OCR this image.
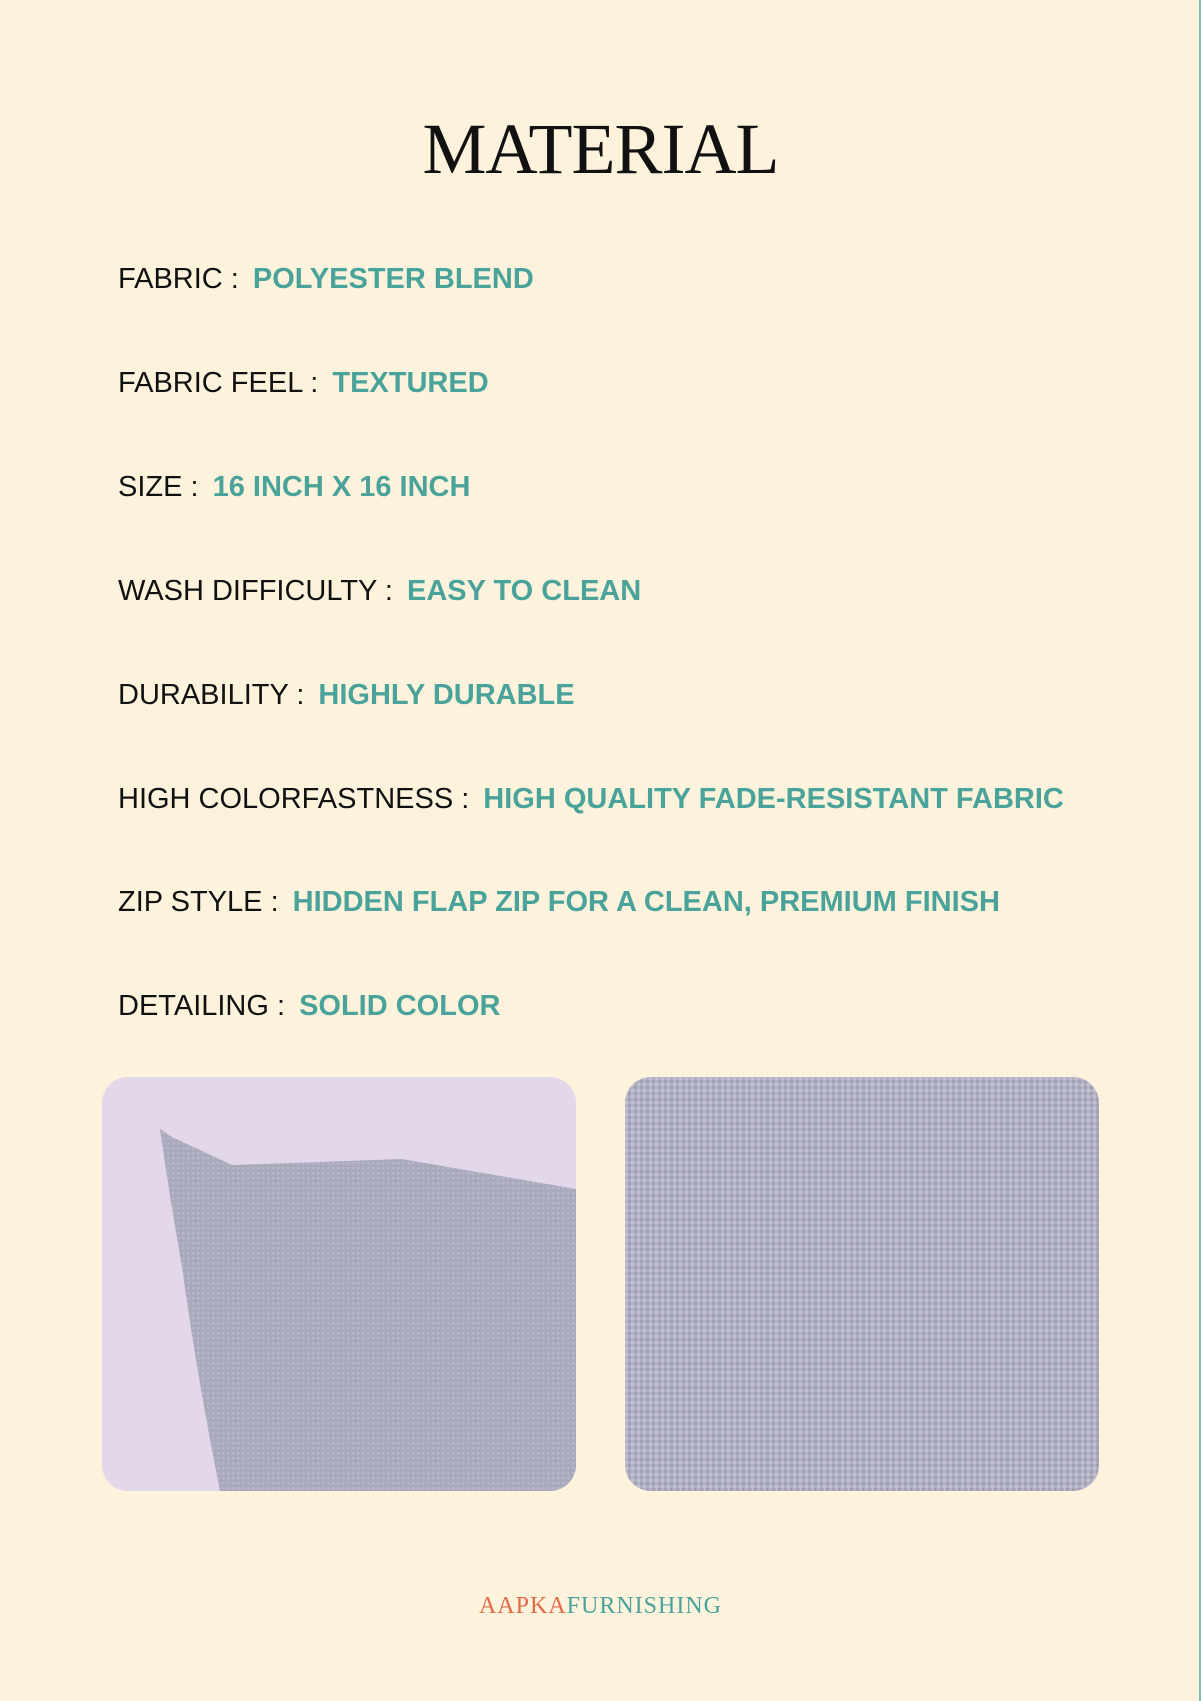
MATERIAL
FABRIC : POLYESTER BLEND
FABRIC FEEL : TEXTURED
SIZE : 16 INCH X 16 INCH
WASH DIFFICULTY : EASY TO CLEAN
DURABILITY : HIGHLY DURABLE
HIGH COLORFASTNESS : HIGH QUALITY FADE-RESISTANT FABRIC
ZIP STYLE : HIDDEN FLAP ZIP FOR A CLEAN, PREMIUM FINISH
DETAILING : SOLID COLOR
AAPKAFURNISHING
